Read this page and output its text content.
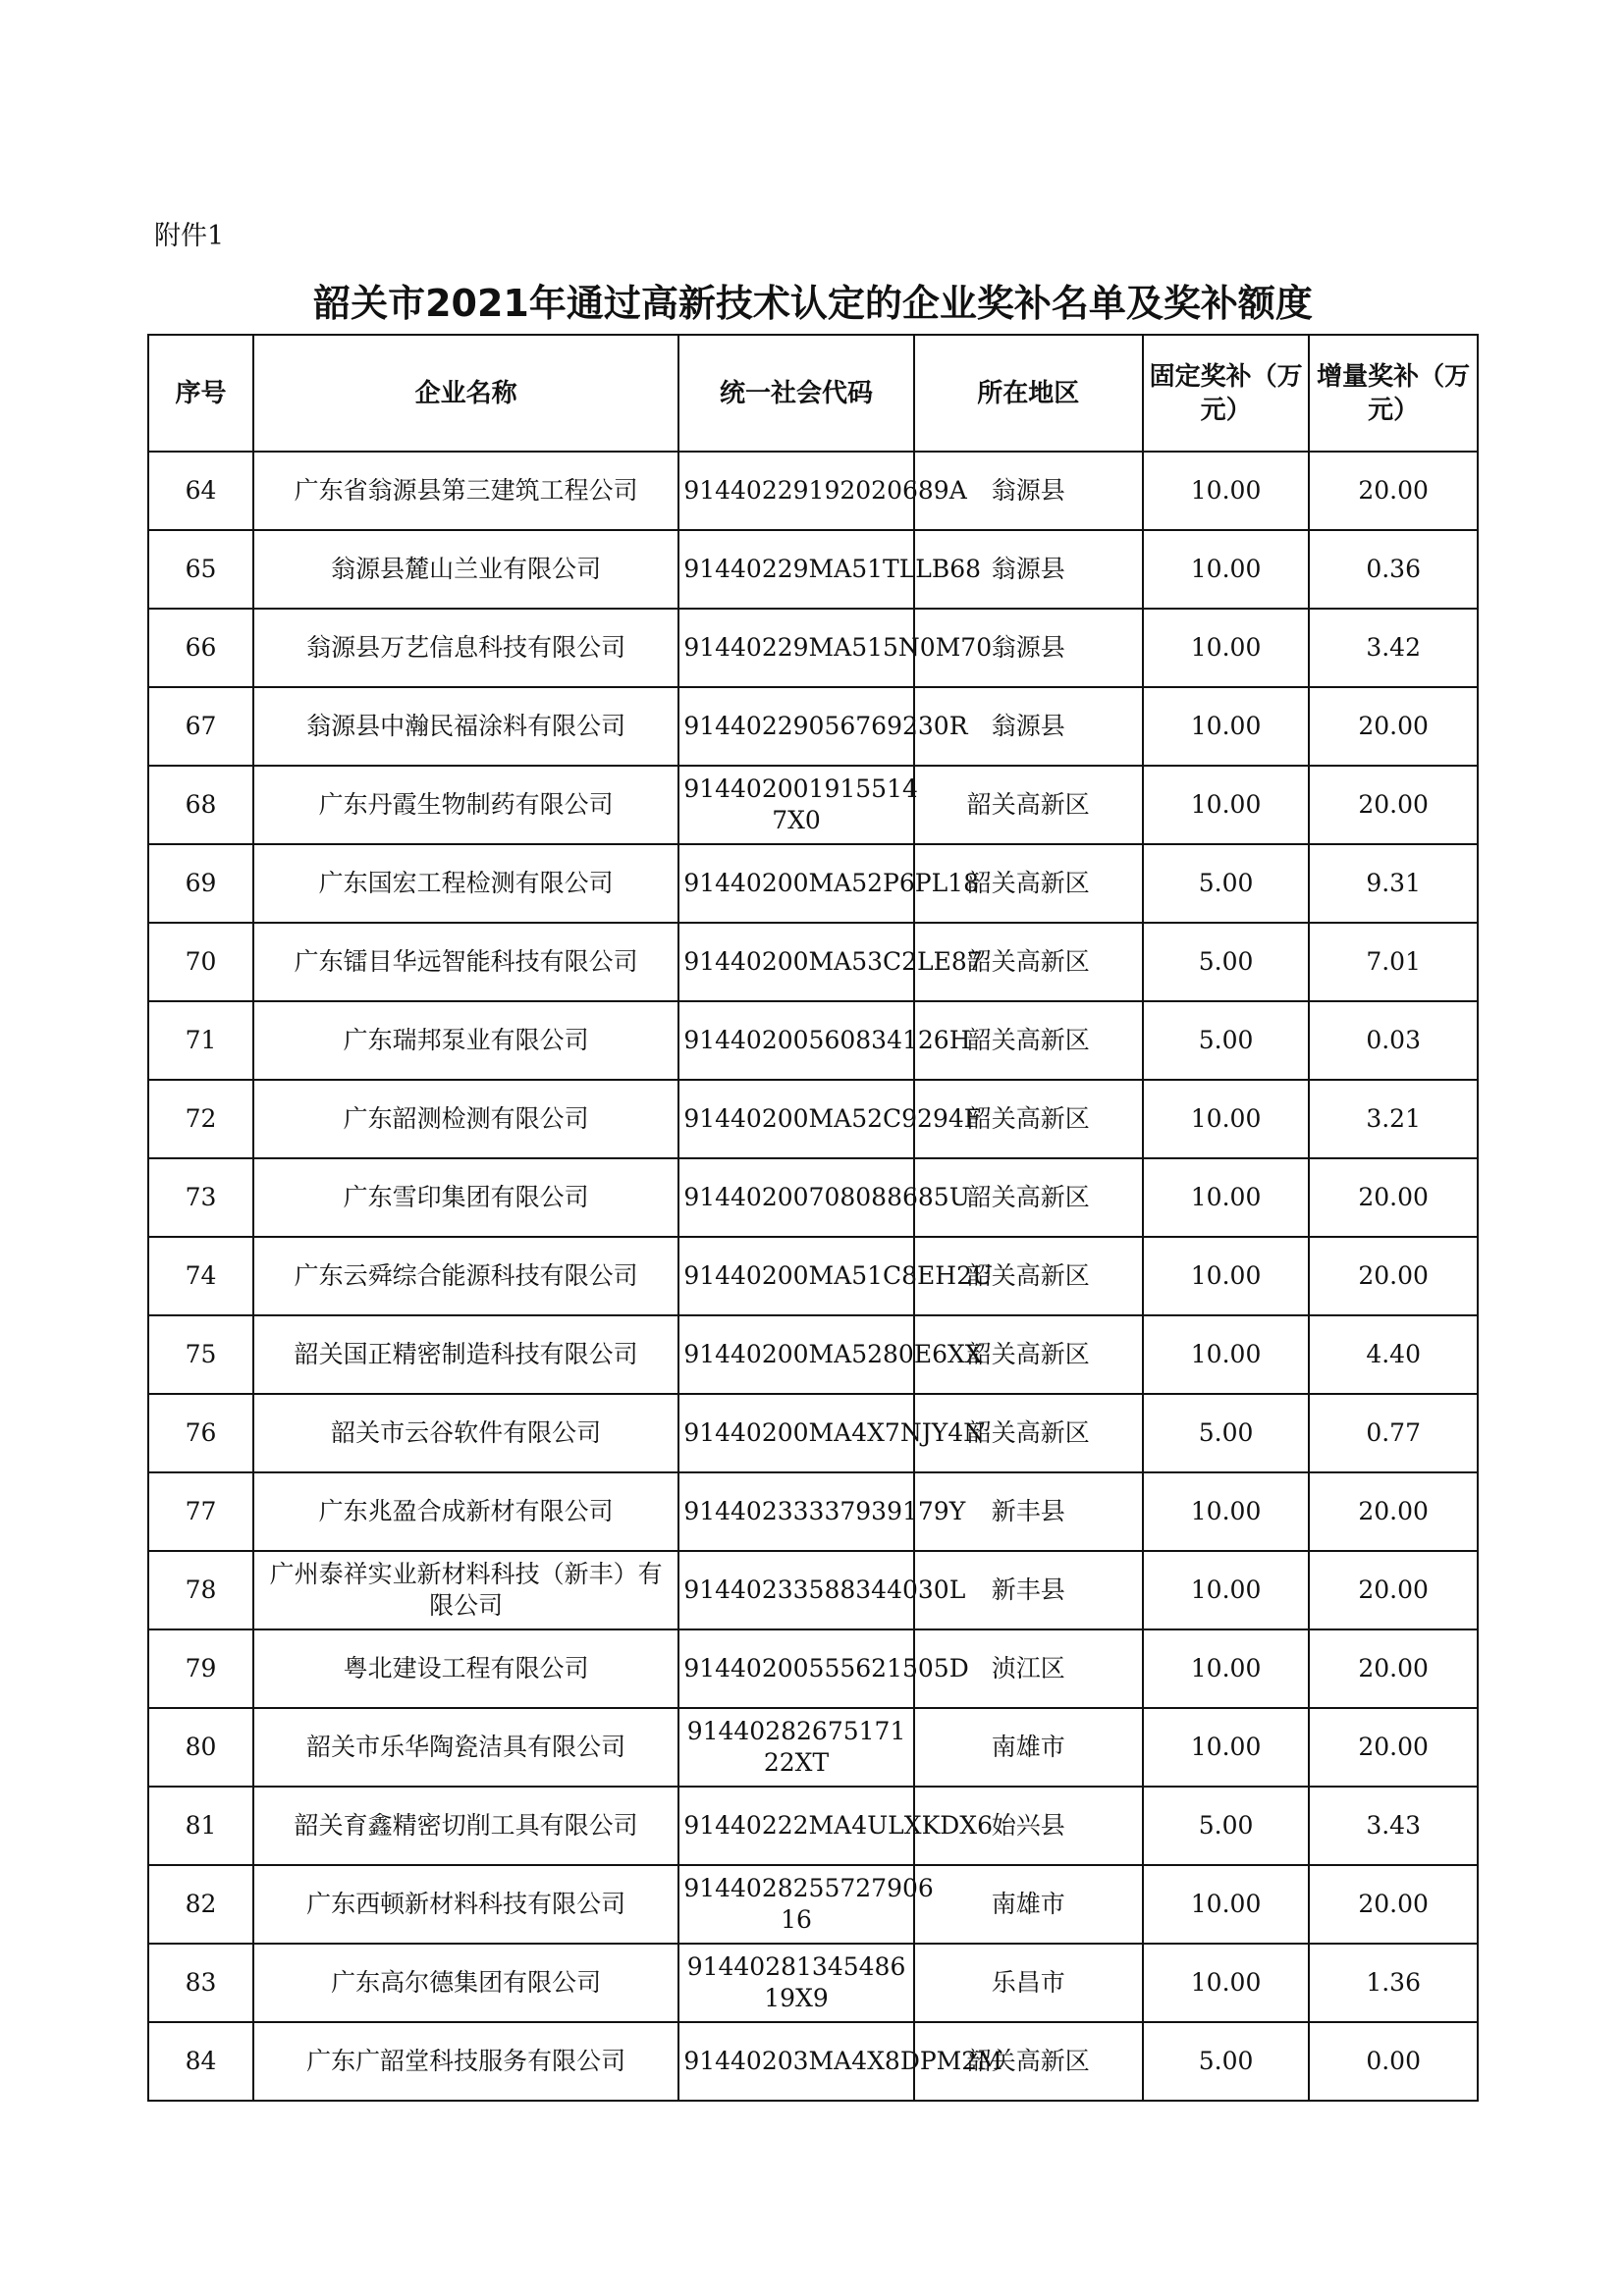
附件1
韶关市2021年通过高新技术认定的企业奖补名单及奖补额度
序号	企业名称	统一社会代码	所在地区	固定奖补（万元）	增量奖补（万元）
64	广东省翁源县第三建筑工程公司	91440229192020689A	翁源县	10.00	20.00
65	翁源县麓山兰业有限公司	91440229MA51TLLB68	翁源县	10.00	0.36
66	翁源县万艺信息科技有限公司	91440229MA515N0M70	翁源县	10.00	3.42
67	翁源县中瀚民福涂料有限公司	91440229056769230R	翁源县	10.00	20.00
68	广东丹霞生物制药有限公司	914402001915514 7X0	韶关高新区	10.00	20.00
69	广东国宏工程检测有限公司	91440200MA52P6PL18	韶关高新区	5.00	9.31
70	广东镭目华远智能科技有限公司	91440200MA53C2LE87	韶关高新区	5.00	7.01
71	广东瑞邦泵业有限公司	91440200560834126H	韶关高新区	5.00	0.03
72	广东韶测检测有限公司	91440200MA52C9294F	韶关高新区	10.00	3.21
73	广东雪印集团有限公司	91440200708088685U	韶关高新区	10.00	20.00
74	广东云舜综合能源科技有限公司	91440200MA51C8EH2U	韶关高新区	10.00	20.00
75	韶关国正精密制造科技有限公司	91440200MA5280E6XX	韶关高新区	10.00	4.40
76	韶关市云谷软件有限公司	91440200MA4X7NJY4N	韶关高新区	5.00	0.77
77	广东兆盈合成新材有限公司	91440233337939179Y	新丰县	10.00	20.00
78	广州泰祥实业新材料科技（新丰）有限公司	91440233588344030L	新丰县	10.00	20.00
79	粤北建设工程有限公司	91440200555621505D	浈江区	10.00	20.00
80	韶关市乐华陶瓷洁具有限公司	91440282675171 22XT	南雄市	10.00	20.00
81	韶关育鑫精密切削工具有限公司	91440222MA4ULXKDX6	始兴县	5.00	3.43
82	广东西顿新材料科技有限公司	9144028255727906 16	南雄市	10.00	20.00
83	广东高尔德集团有限公司	91440281345486 19X9	乐昌市	10.00	1.36
84	广东广韶堂科技服务有限公司	91440203MA4X8DPM2M	韶关高新区	5.00	0.00
